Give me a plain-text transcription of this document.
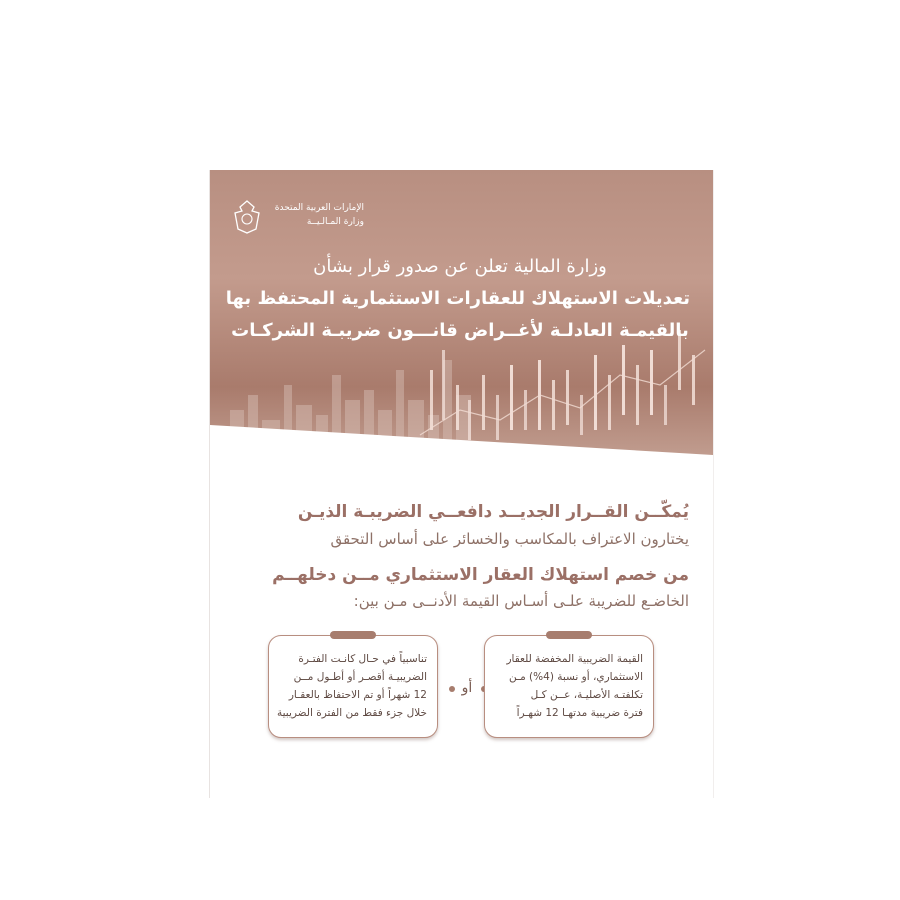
الإمارات العربية المتحدة
وزارة المـالـيــة
وزارة المالية تعلن عن صدور قرار بشأن
تعديلات الاستهلاك للعقارات الاستثمارية المحتفظ بها
بالقيمـة العادلـة لأغــراض قانـــون ضريبـة الشركـات
يُمكّــن القــرار الجديــد دافعــي الضريبـة الذيـن
يختارون الاعتراف بالمكاسب والخسائر على أساس التحقق
من خصم استهلاك العقار الاستثماري مــن دخلهــم
الخاضـع للضريبة علـى أسـاس القيمة الأدنــى مـن بين:
تناسبياً في حـال كانـت الفتـرة
الضريبيـة أقصـر أو أطـول مــن
12 شهراً أو تم الاحتفاظ بالعقـار
خلال جزء فقط من الفترة الضريبية
أو
القيمة الضريبية المخفضة للعقار
الاستثماري، أو نسبة (4%) مـن
تكلفتـه الأصليـة، عــن كـل
فترة ضريبية مدتهـا 12 شهـراً
